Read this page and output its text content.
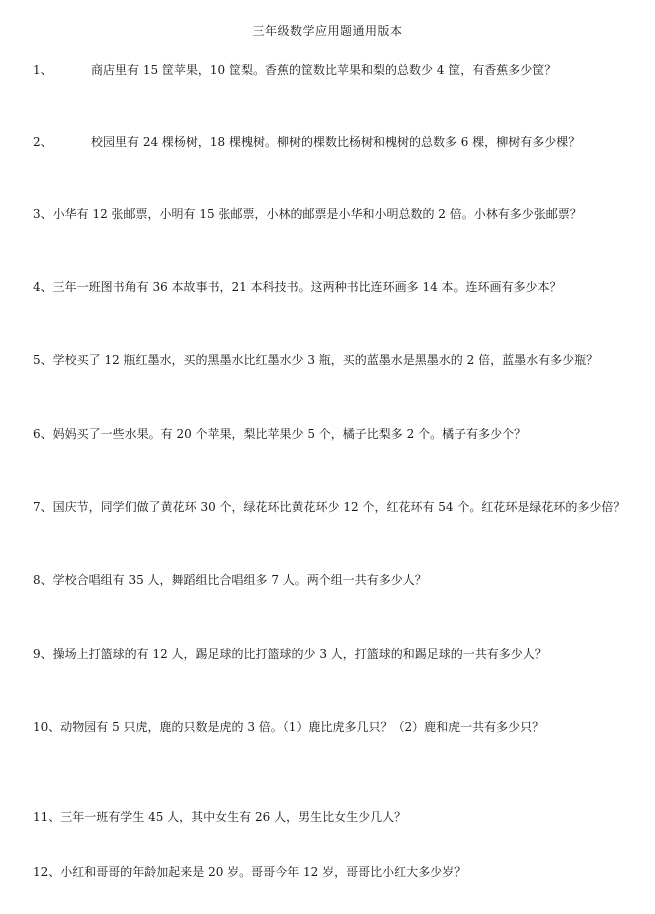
三年级数学应用题通用版本
1、	商店里有 15 筐苹果，10 筐梨。香蕉的筐数比苹果和梨的总数少 4 筐，有香蕉多少筐？
2、	校园里有 24 棵杨树，18 棵槐树。柳树的棵数比杨树和槐树的总数多 6 棵，柳树有多少棵？
3、小华有 12 张邮票，小明有 15 张邮票，小林的邮票是小华和小明总数的 2 倍。小林有多少张邮票？
4、三年一班图书角有 36 本故事书，21 本科技书。这两种书比连环画多 14 本。连环画有多少本？
5、学校买了 12 瓶红墨水，买的黑墨水比红墨水少 3 瓶，买的蓝墨水是黑墨水的 2 倍，蓝墨水有多少瓶？
6、妈妈买了一些水果。有 20 个苹果，梨比苹果少 5 个，橘子比梨多 2 个。橘子有多少个？
7、国庆节，同学们做了黄花环 30 个，绿花环比黄花环少 12 个，红花环有 54 个。红花环是绿花环的多少倍？
8、学校合唱组有 35 人，舞蹈组比合唱组多 7 人。两个组一共有多少人？
9、操场上打篮球的有 12 人，踢足球的比打篮球的少 3 人，打篮球的和踢足球的一共有多少人？
10、动物园有 5 只虎，鹿的只数是虎的 3 倍。（1）鹿比虎多几只？（2）鹿和虎一共有多少只？
11、三年一班有学生 45 人，其中女生有 26 人，男生比女生少几人？
12、小红和哥哥的年龄加起来是 20 岁。哥哥今年 12 岁，哥哥比小红大多少岁？
